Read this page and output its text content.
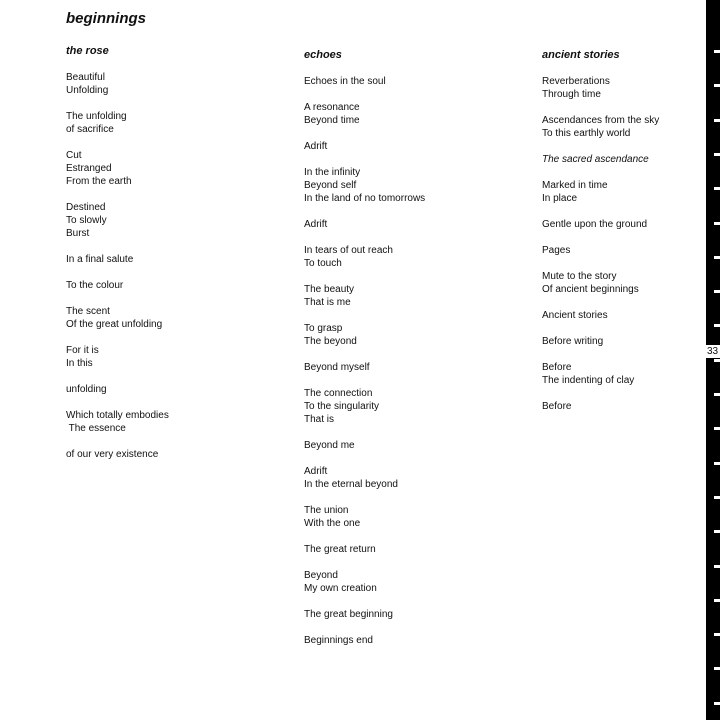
beginnings
the rose

Beautiful
Unfolding

The unfolding
of sacrifice

Cut
Estranged
From the earth

Destined
To slowly
Burst

In a final salute

To the colour

The scent
Of the great unfolding

For it is
In this

unfolding

Which totally embodies
The essence

of our very existence

echoes

Echoes in the soul

A resonance
Beyond time

Adrift

In the infinity
Beyond self
In the land of no tomorrows

Adrift

In tears of out reach
To touch

The beauty
That is me

To grasp
The beyond

Beyond myself

The connection
To the singularity
That is

Beyond me

Adrift
In the eternal beyond

The union
With the one

The great return

Beyond
My own creation

The great beginning

Beginnings end

ancient stories

Reverberations
Through time

Ascendances from the sky
To this earthly world

The sacred ascendance

Marked in time
In place

Gentle upon the ground

Pages

Mute to the story
Of ancient beginnings

Ancient stories

Before writing

Before
The indenting of clay

Before

33
